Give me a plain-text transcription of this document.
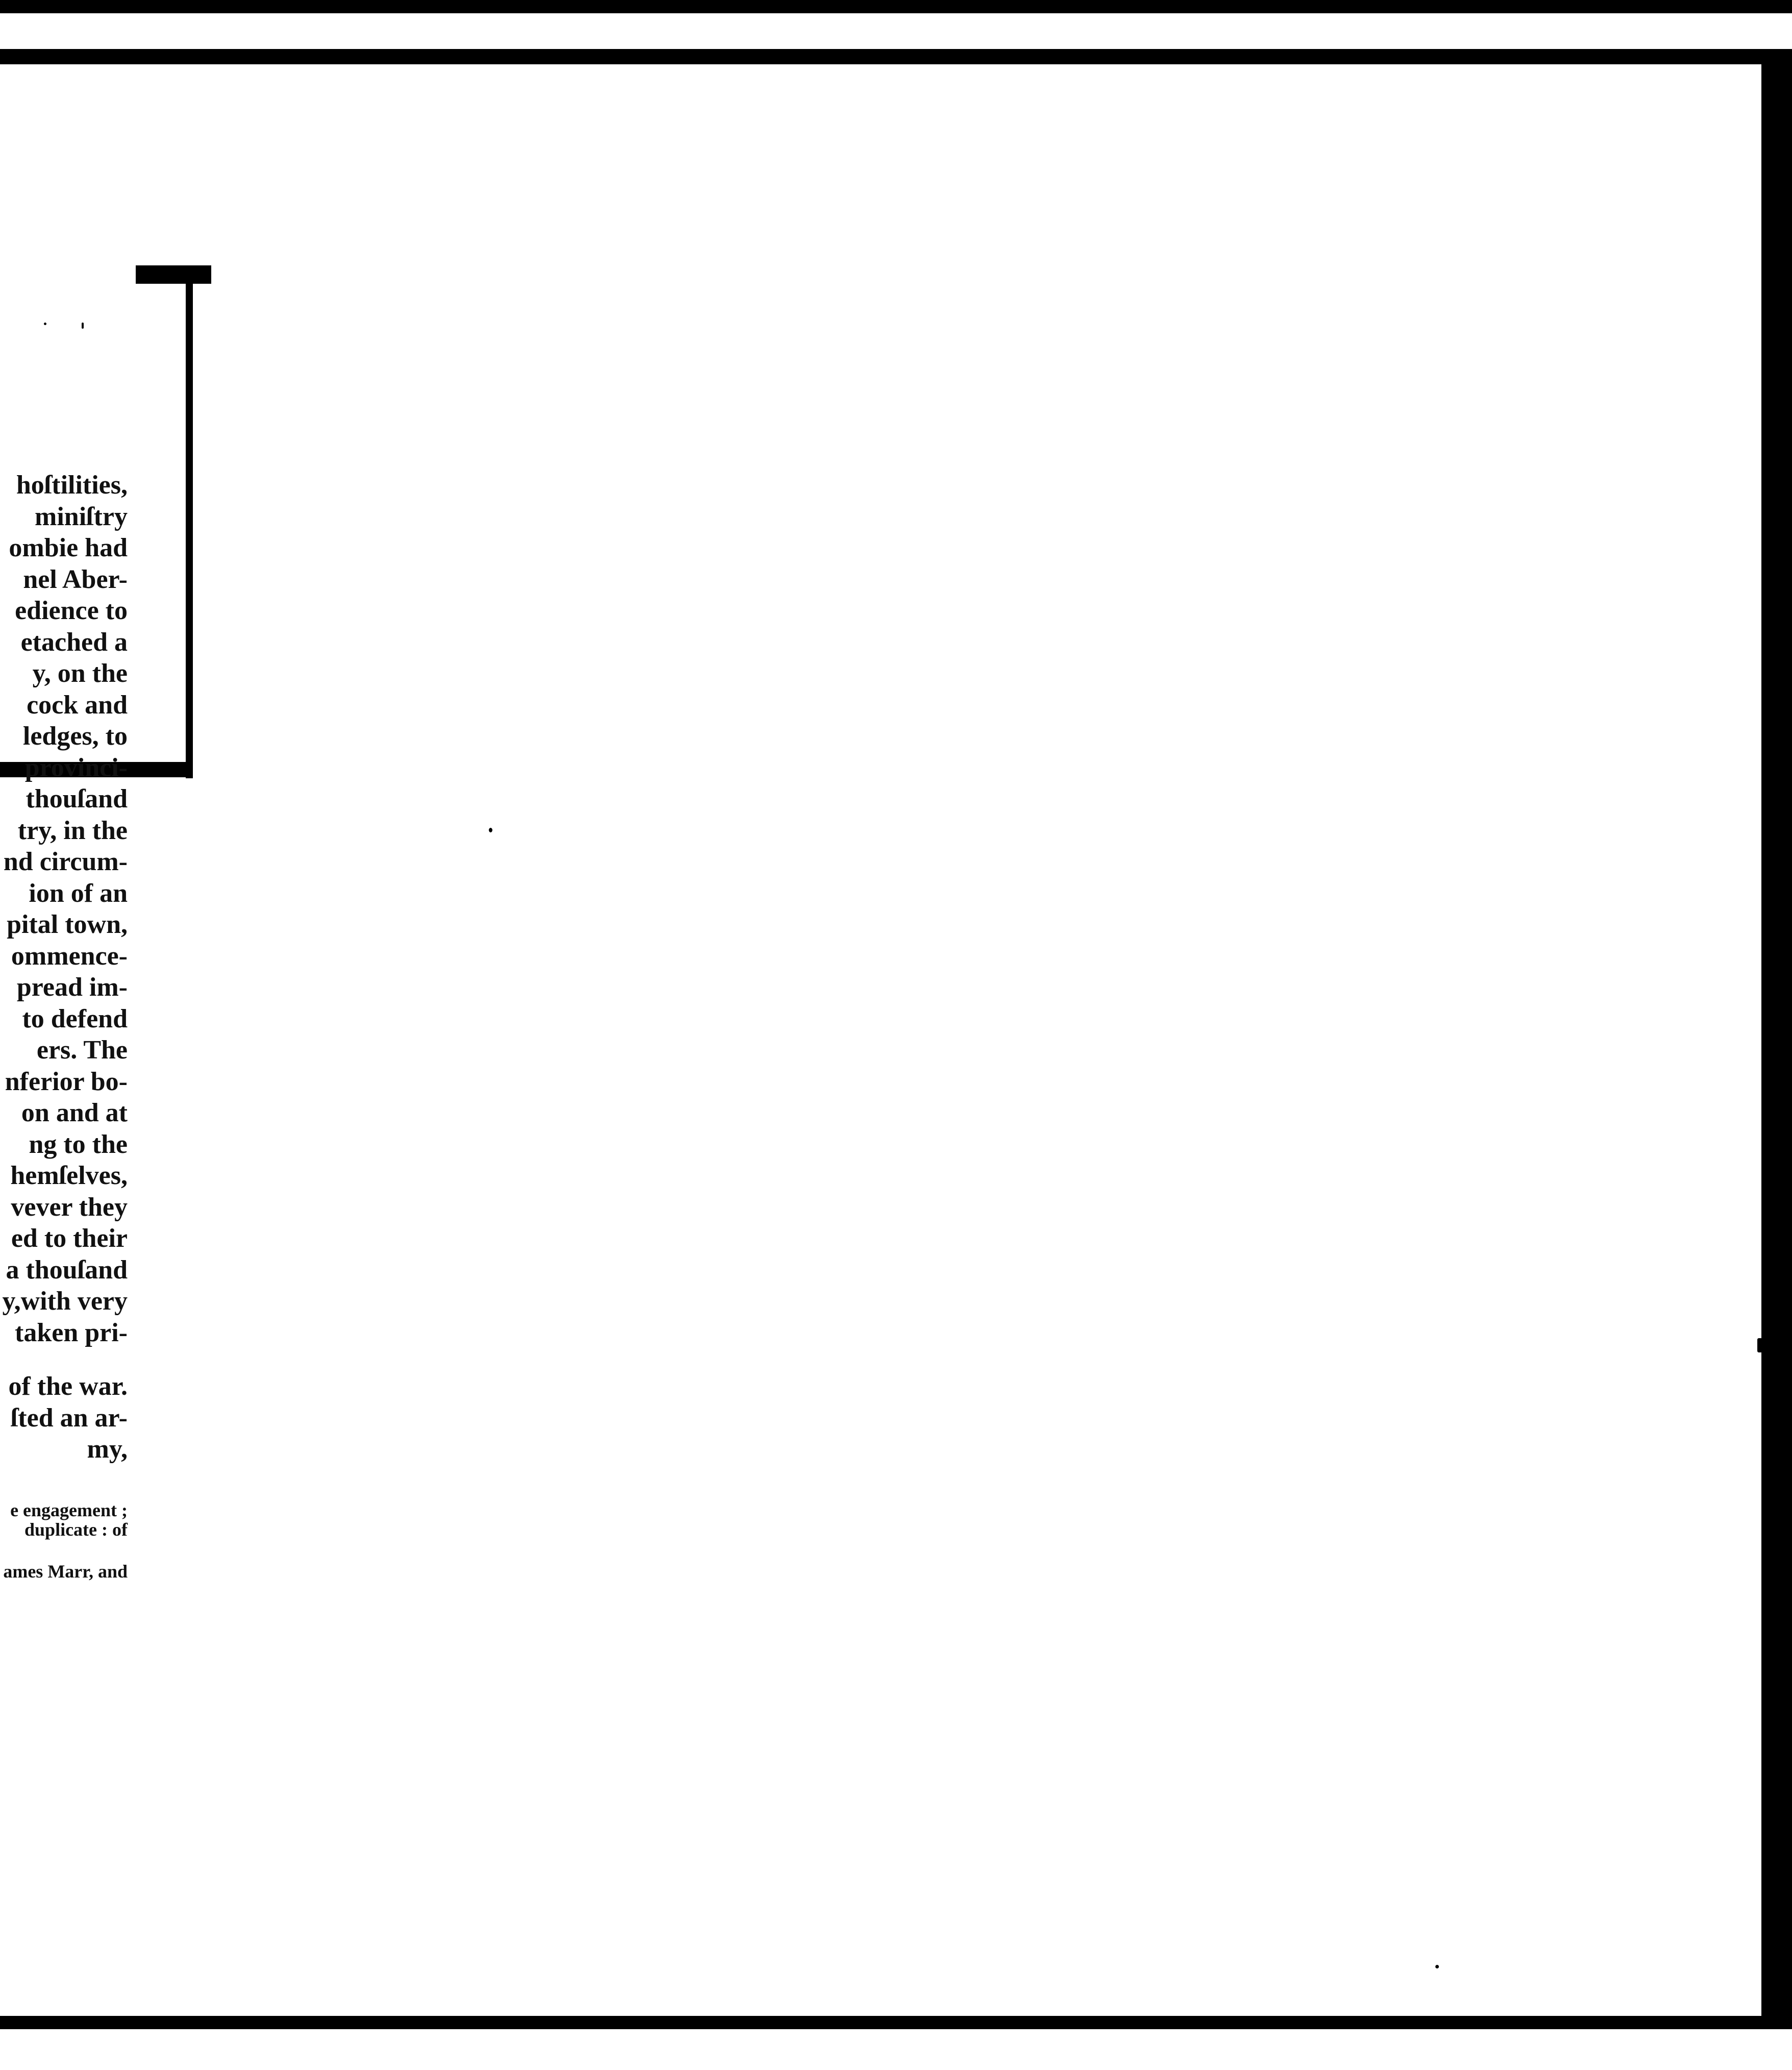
hoſtilities,
miniſtry
ombie had
nel Aber-
edience to
etached a
y, on the
cock and
ledges, to
provinci-
thouſand
try, in the
nd circum-
ion of an
pital town,
ommence-
pread im-
to defend
ers. The
nferior bo-
on and at
ng to the
hemſelves,
vever they
ed to their
a thouſand
y,with very
taken pri-
of the war.
ſted an ar-
my,
e engagement ;
duplicate : of
ames Marr, and
